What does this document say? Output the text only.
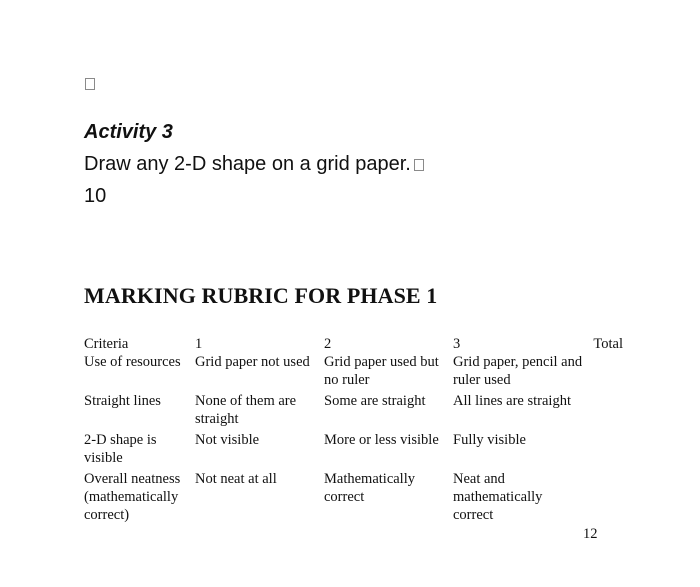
Activity 3
Draw any 2-D shape on a grid paper.
10
MARKING RUBRIC FOR PHASE 1
Criteria	1	2	3	Total
Use of resources	Grid paper not used	Grid paper used but no ruler	Grid paper, pencil and ruler used	
Straight lines	None of them are straight	Some are straight	All lines are straight	
2-D shape is visible	Not visible	More or less visible	Fully visible	
Overall neatness (mathematically correct)	Not neat at all	Mathematically correct	Neat and mathematically correct	
12
